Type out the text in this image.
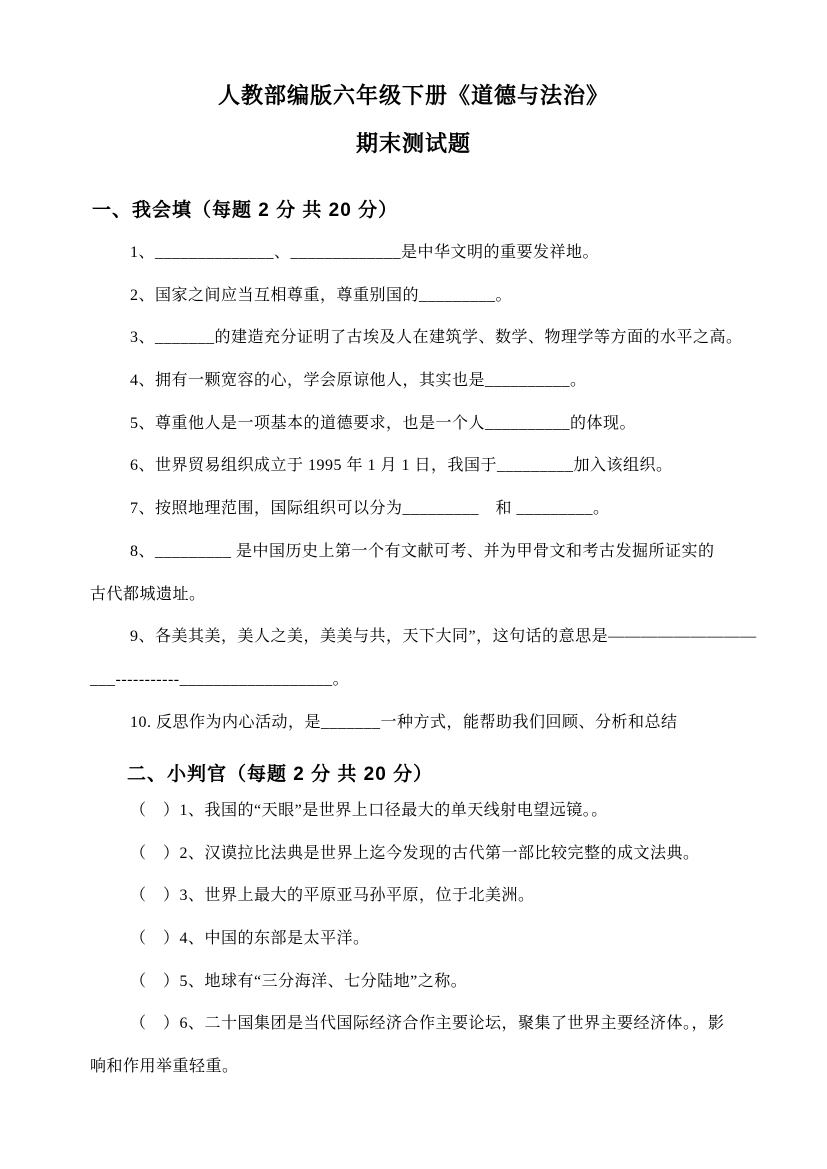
人教部编版六年级下册《道德与法治》
期末测试题
一、我会填（每题 2 分 共 20 分）
1、______________、_____________是中华文明的重要发祥地。
2、国家之间应当互相尊重，尊重别国的_________。
3、_______的建造充分证明了古埃及人在建筑学、数学、物理学等方面的水平之高。
4、拥有一颗宽容的心，学会原谅他人，其实也是__________。
5、尊重他人是一项基本的道德要求，也是一个人__________的体现。
6、世界贸易组织成立于 1995 年 1 月 1 日，我国于_________加入该组织。
7、按照地理范围，国际组织可以分为_________　和 _________。
8、_________ 是中国历史上第一个有文献可考、并为甲骨文和考古发掘所证实的
古代都城遗址。
9、各美其美，美人之美，美美与共，天下大同”，这句话的意思是—————————
___-----------__________________。
10. 反思作为内心活动，是_______一种方式，能帮助我们回顾、分析和总结
二、小判官（每题 2 分 共 20 分）
（　）1、我国的“天眼”是世界上口径最大的单天线射电望远镜。。
（　）2、汉谟拉比法典是世界上迄今发现的古代第一部比较完整的成文法典。
（　）3、世界上最大的平原亚马孙平原，位于北美洲。
（　）4、中国的东部是太平洋。
（　）5、地球有“三分海洋、七分陆地”之称。
（　）6、二十国集团是当代国际经济合作主要论坛，聚集了世界主要经济体。，影
响和作用举重轻重。
